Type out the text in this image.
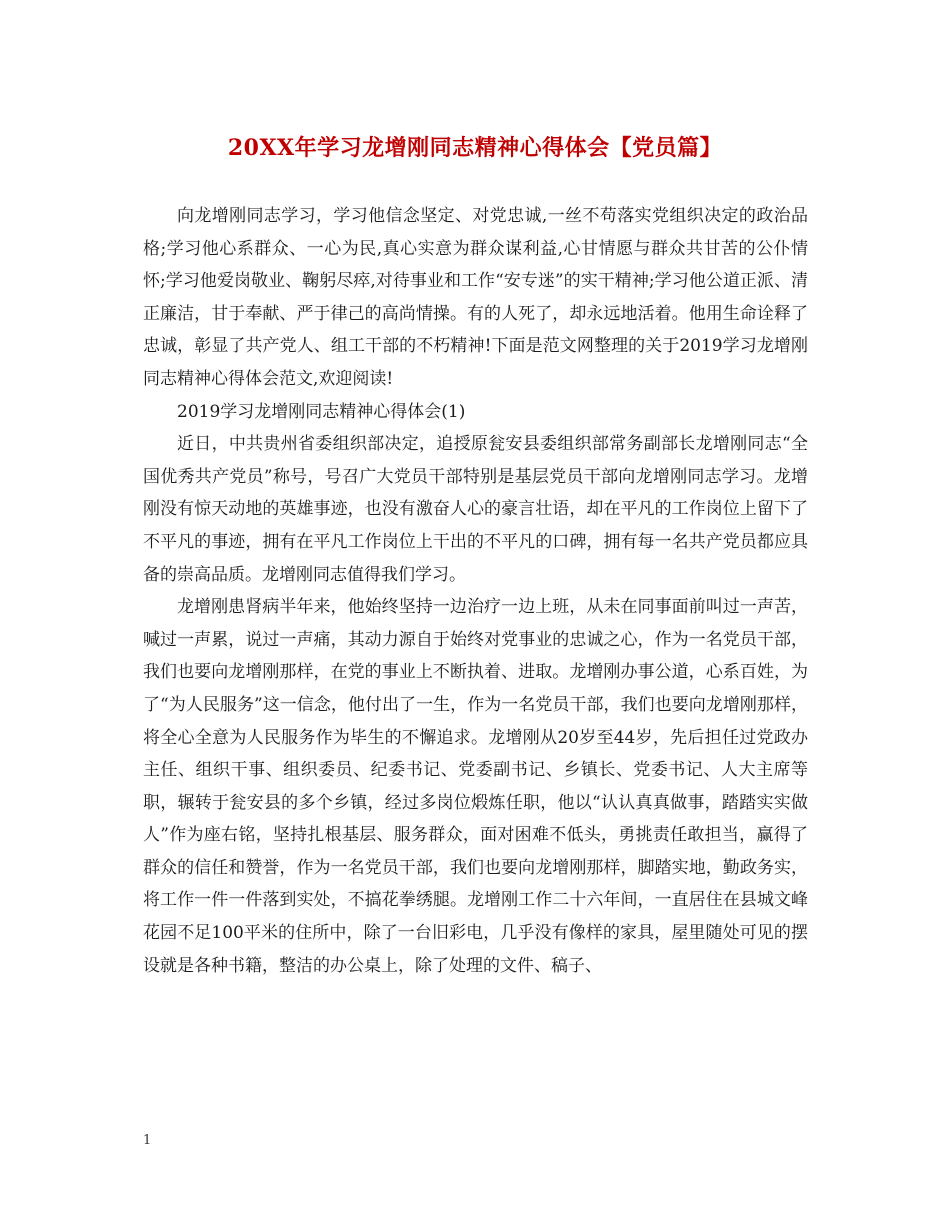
20XX年学习龙增刚同志精神心得体会【党员篇】

向龙增刚同志学习，学习他信念坚定、对党忠诚,一丝不苟落实党组织决定的政治品格;学习他心系群众、一心为民,真心实意为群众谋利益,心甘情愿与群众共甘苦的公仆情怀;学习他爱岗敬业、鞠躬尽瘁,对待事业和工作“安专迷”的实干精神;学习他公道正派、清正廉洁，甘于奉献、严于律己的高尚情操。有的人死了，却永远地活着。他用生命诠释了忠诚，彰显了共产党人、组工干部的不朽精神!下面是范文网整理的关于2019学习龙增刚同志精神心得体会范文,欢迎阅读!

2019学习龙增刚同志精神心得体会(1)

近日，中共贵州省委组织部决定，追授原瓮安县委组织部常务副部长龙增刚同志“全国优秀共产党员”称号，号召广大党员干部特别是基层党员干部向龙增刚同志学习。龙增刚没有惊天动地的英雄事迹，也没有激奋人心的豪言壮语，却在平凡的工作岗位上留下了不平凡的事迹，拥有在平凡工作岗位上干出的不平凡的口碑，拥有每一名共产党员都应具备的崇高品质。龙增刚同志值得我们学习。

龙增刚患肾病半年来，他始终坚持一边治疗一边上班，从未在同事面前叫过一声苦，喊过一声累，说过一声痛，其动力源自于始终对党事业的忠诚之心，作为一名党员干部，我们也要向龙增刚那样，在党的事业上不断执着、进取。龙增刚办事公道，心系百姓，为了“为人民服务”这一信念，他付出了一生，作为一名党员干部，我们也要向龙增刚那样，将全心全意为人民服务作为毕生的不懈追求。龙增刚从20岁至44岁，先后担任过党政办主任、组织干事、组织委员、纪委书记、党委副书记、乡镇长、党委书记、人大主席等职，辗转于瓮安县的多个乡镇，经过多岗位煅炼任职，他以“认认真真做事，踏踏实实做人”作为座右铭，坚持扎根基层、服务群众，面对困难不低头，勇挑责任敢担当，赢得了群众的信任和赞誉，作为一名党员干部，我们也要向龙增刚那样，脚踏实地，勤政务实，将工作一件一件落到实处，不搞花拳绣腿。龙增刚工作二十六年间，一直居住在县城文峰花园不足100平米的住所中，除了一台旧彩电，几乎没有像样的家具，屋里随处可见的摆设就是各种书籍，整洁的办公桌上，除了处理的文件、稿子、

1
